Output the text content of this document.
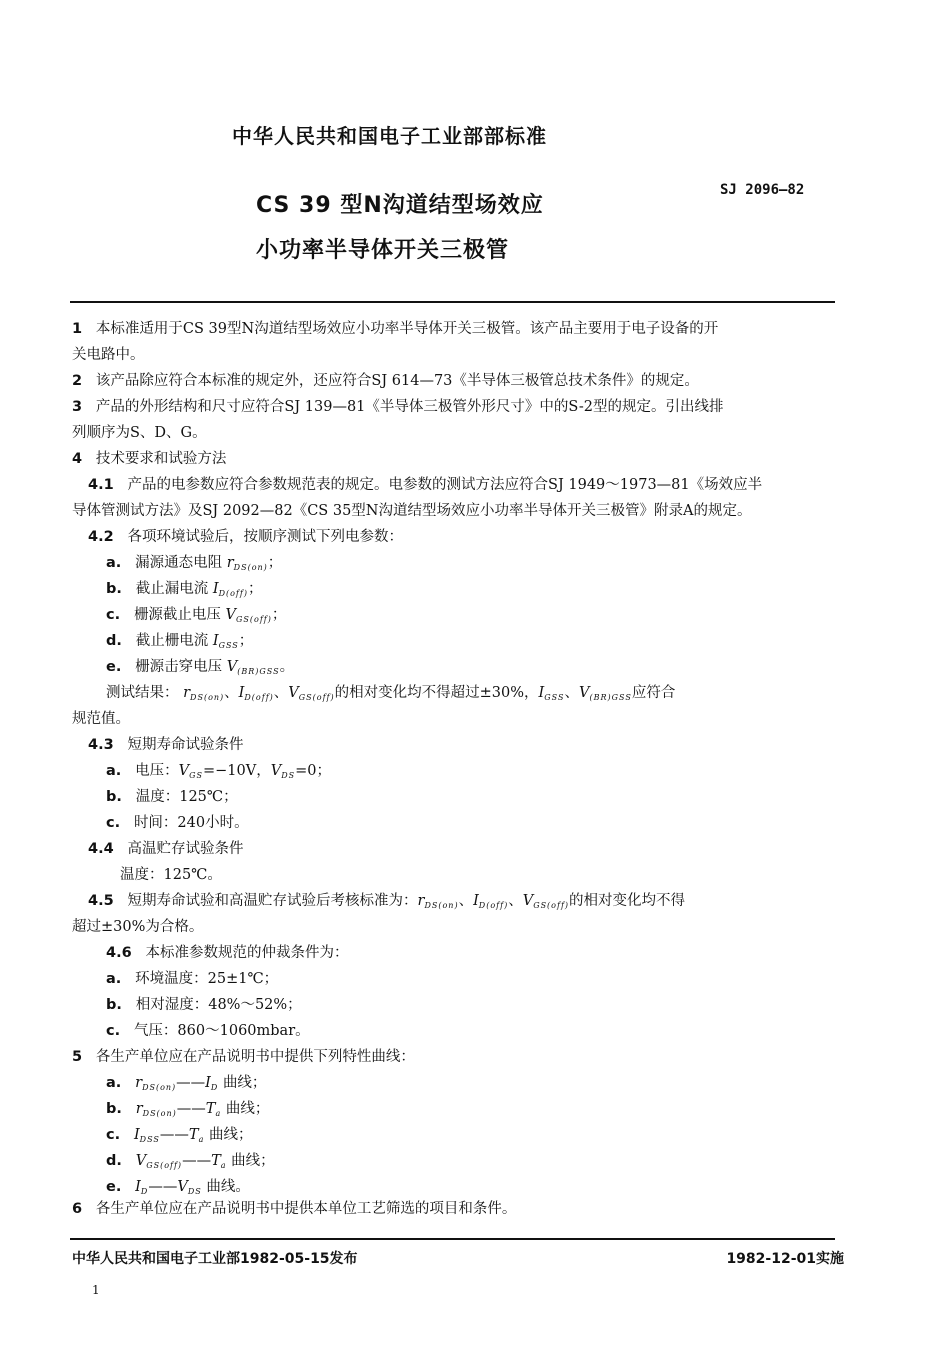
中华人民共和国电子工业部部标准
CS 39 型N沟道结型场效应
小功率半导体开关三极管
SJ 2096—82
1 本标准适用于CS 39型N沟道结型场效应小功率半导体开关三极管。该产品主要用于电子设备的开
关电路中。
2 该产品除应符合本标准的规定外，还应符合SJ 614—73《半导体三极管总技术条件》的规定。
3 产品的外形结构和尺寸应符合SJ 139—81《半导体三极管外形尺寸》中的S-2型的规定。引出线排
列顺序为S、D、G。
4 技术要求和试验方法
4.1 产品的电参数应符合参数规范表的规定。电参数的测试方法应符合SJ 1949～1973—81《场效应半
导体管测试方法》及SJ 2092—82《CS 35型N沟道结型场效应小功率半导体开关三极管》附录A的规定。
4.2 各项环境试验后，按顺序测试下列电参数：
a. 漏源通态电阻 $r_{DS(on)}$；
b. 截止漏电流 $I_{D(off)}$；
c. 栅源截止电压 $V_{GS(off)}$；
d. 截止栅电流 $I_{GSS}$；
e. 栅源击穿电压 $V_{(BR)GSS}$。
测试结果： $r_{DS(on)}$、$I_{D(off)}$、$V_{GS(off)}$的相对变化均不得超过±30%，$I_{GSS}$、$V_{(BR)GSS}$应符合
规范值。
4.3 短期寿命试验条件
a. 电压：$V_{GS}=-10V$，$V_{DS}=0$；
b. 温度：125℃；
c. 时间：240小时。
4.4 高温贮存试验条件
温度：125℃。
4.5 短期寿命试验和高温贮存试验后考核标准为：$r_{DS(on)}$、$I_{D(off)}$、$V_{GS(off)}$的相对变化均不得
超过±30%为合格。
4.6 本标准参数规范的仲裁条件为：
a. 环境温度：25±1℃；
b. 相对湿度：48%～52%；
c. 气压：860～1060mbar。
5 各生产单位应在产品说明书中提供下列特性曲线：
a. $r_{DS(on)}——I_D$ 曲线；
b. $r_{DS(on)}——T_a$ 曲线；
c. $I_{DSS}——T_a$ 曲线；
d. $V_{GS(off)}——T_a$ 曲线；
e. $I_D——V_{DS}$ 曲线。
6 各生产单位应在产品说明书中提供本单位工艺筛选的项目和条件。
中华人民共和国电子工业部1982-05-15发布	1982-12-01实施
1
